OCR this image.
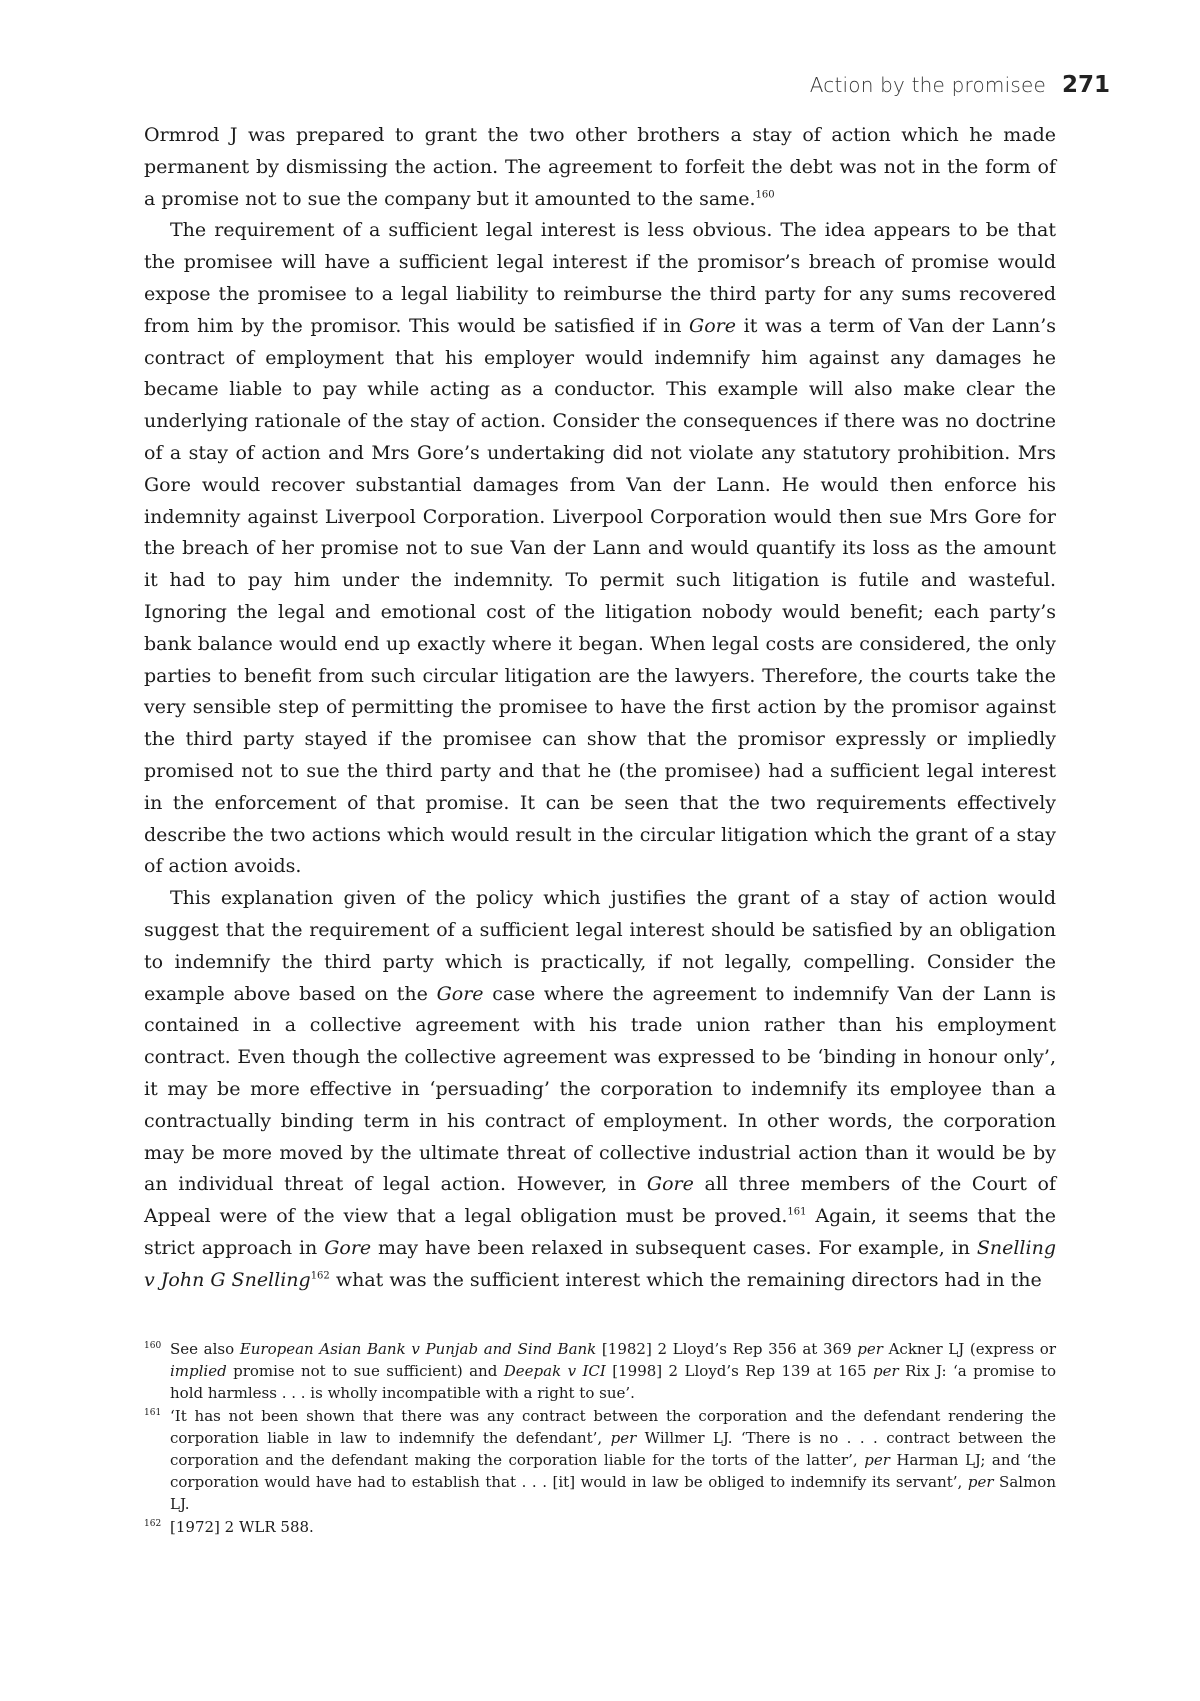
Action by the promisee 271

Ormrod J was prepared to grant the two other brothers a stay of action which he made permanent by dismissing the action. The agreement to forfeit the debt was not in the form of a promise not to sue the company but it amounted to the same.$^{160}$

The requirement of a sufficient legal interest is less obvious. The idea appears to be that the promisee will have a sufficient legal interest if the promisor’s breach of promise would expose the promisee to a legal liability to reimburse the third party for any sums recovered from him by the promisor. This would be satisfied if in Gore it was a term of Van der Lann’s contract of employment that his employer would indemnify him against any damages he became liable to pay while acting as a conductor. This example will also make clear the underlying rationale of the stay of action. Consider the consequences if there was no doctrine of a stay of action and Mrs Gore’s undertaking did not violate any statutory prohibition. Mrs Gore would recover substantial damages from Van der Lann. He would then enforce his indemnity against Liverpool Corporation. Liverpool Corporation would then sue Mrs Gore for the breach of her promise not to sue Van der Lann and would quantify its loss as the amount it had to pay him under the indemnity. To permit such litigation is futile and wasteful. Ignoring the legal and emotional cost of the litigation nobody would benefit; each party’s bank balance would end up exactly where it began. When legal costs are considered, the only parties to benefit from such circular litigation are the lawyers. Therefore, the courts take the very sensible step of permitting the promisee to have the first action by the promisor against the third party stayed if the promisee can show that the promisor expressly or impliedly promised not to sue the third party and that he (the promisee) had a sufficient legal interest in the enforcement of that promise. It can be seen that the two requirements effectively describe the two actions which would result in the circular litigation which the grant of a stay of action avoids.

This explanation given of the policy which justifies the grant of a stay of action would suggest that the requirement of a sufficient legal interest should be satisfied by an obligation to indemnify the third party which is practically, if not legally, compelling. Consider the example above based on the Gore case where the agreement to indemnify Van der Lann is contained in a collective agreement with his trade union rather than his employment contract. Even though the collective agreement was expressed to be ‘binding in honour only’, it may be more effective in ‘persuading’ the corporation to indemnify its employee than a contractually binding term in his contract of employment. In other words, the corporation may be more moved by the ultimate threat of collective industrial action than it would be by an individual threat of legal action. However, in Gore all three members of the Court of Appeal were of the view that a legal obligation must be proved.$^{161}$ Again, it seems that the strict approach in Gore may have been relaxed in subsequent cases. For example, in Snelling v John G Snelling$^{162}$ what was the sufficient interest which the remaining directors had in the

160 See also European Asian Bank v Punjab and Sind Bank [1982] 2 Lloyd’s Rep 356 at 369 per Ackner LJ (express or implied promise not to sue sufficient) and Deepak v ICI [1998] 2 Lloyd’s Rep 139 at 165 per Rix J: ‘a promise to hold harmless . . . is wholly incompatible with a right to sue’.
161 ‘It has not been shown that there was any contract between the corporation and the defendant rendering the corporation liable in law to indemnify the defendant’, per Willmer LJ. ‘There is no . . . contract between the corporation and the defendant making the corporation liable for the torts of the latter’, per Harman LJ; and ‘the corporation would have had to establish that . . . [it] would in law be obliged to indemnify its servant’, per Salmon LJ.
162 [1972] 2 WLR 588.
